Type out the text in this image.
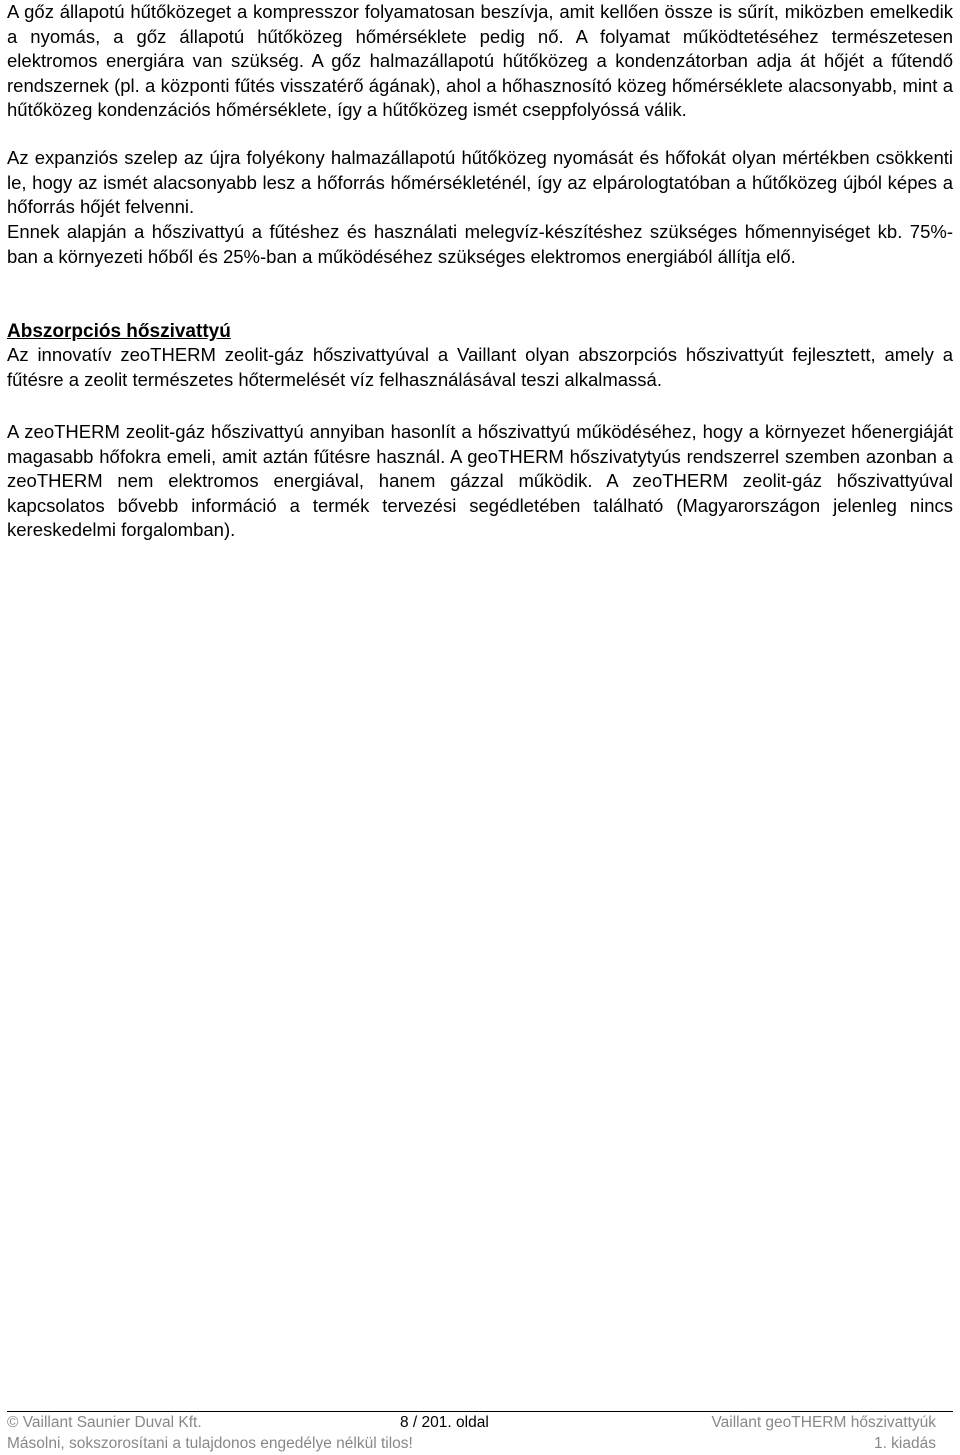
A gőz állapotú hűtőközeget a kompresszor folyamatosan beszívja, amit kellően össze is sűrít, miközben emelkedik a nyomás, a gőz állapotú hűtőközeg hőmérséklete pedig nő. A folyamat működtetéséhez természetesen elektromos energiára van szükség. A gőz halmazállapotú hűtőközeg a kondenzátorban adja át hőjét a fűtendő rendszernek (pl. a központi fűtés visszatérő ágának), ahol a hőhasznosító közeg hőmérséklete alacsonyabb, mint a hűtőközeg kondenzációs hőmérséklete, így a hűtőközeg ismét cseppfolyóssá válik.

Az expanziós szelep az újra folyékony halmazállapotú hűtőközeg nyomását és hőfokát olyan mértékben csökkenti le, hogy az ismét alacsonyabb lesz a hőforrás hőmérsékleténél, így az elpárologtatóban a hűtőközeg újból képes a hőforrás hőjét felvenni.

Ennek alapján a hőszivattyú a fűtéshez és használati melegvíz-készítéshez szükséges hőmennyiséget kb. 75%-ban a környezeti hőből és 25%-ban a működéséhez szükséges elektromos energiából állítja elő.

Abszorpciós hőszivattyú

Az innovatív zeoTHERM zeolit-gáz hőszivattyúval a Vaillant olyan abszorpciós hőszivattyút fejlesztett, amely a fűtésre a zeolit természetes hőtermelését víz felhasználásával teszi alkalmassá.

A zeoTHERM zeolit-gáz hőszivattyú annyiban hasonlít a hőszivattyú működéséhez, hogy a környezet hőenergiáját magasabb hőfokra emeli, amit aztán fűtésre használ. A geoTHERM hőszivatytyús rendszerrel szemben azonban a zeoTHERM nem elektromos energiával, hanem gázzal működik. A zeoTHERM zeolit-gáz hőszivattyúval kapcsolatos bővebb információ a termék tervezési segédletében található (Magyarországon jelenleg nincs kereskedelmi forgalomban).

© Vaillant Saunier Duval Kft.	8 / 201. oldal	Vaillant geoTHERM hőszivattyúk
Másolni, sokszorosítani a tulajdonos engedélye nélkül tilos!	1. kiadás
